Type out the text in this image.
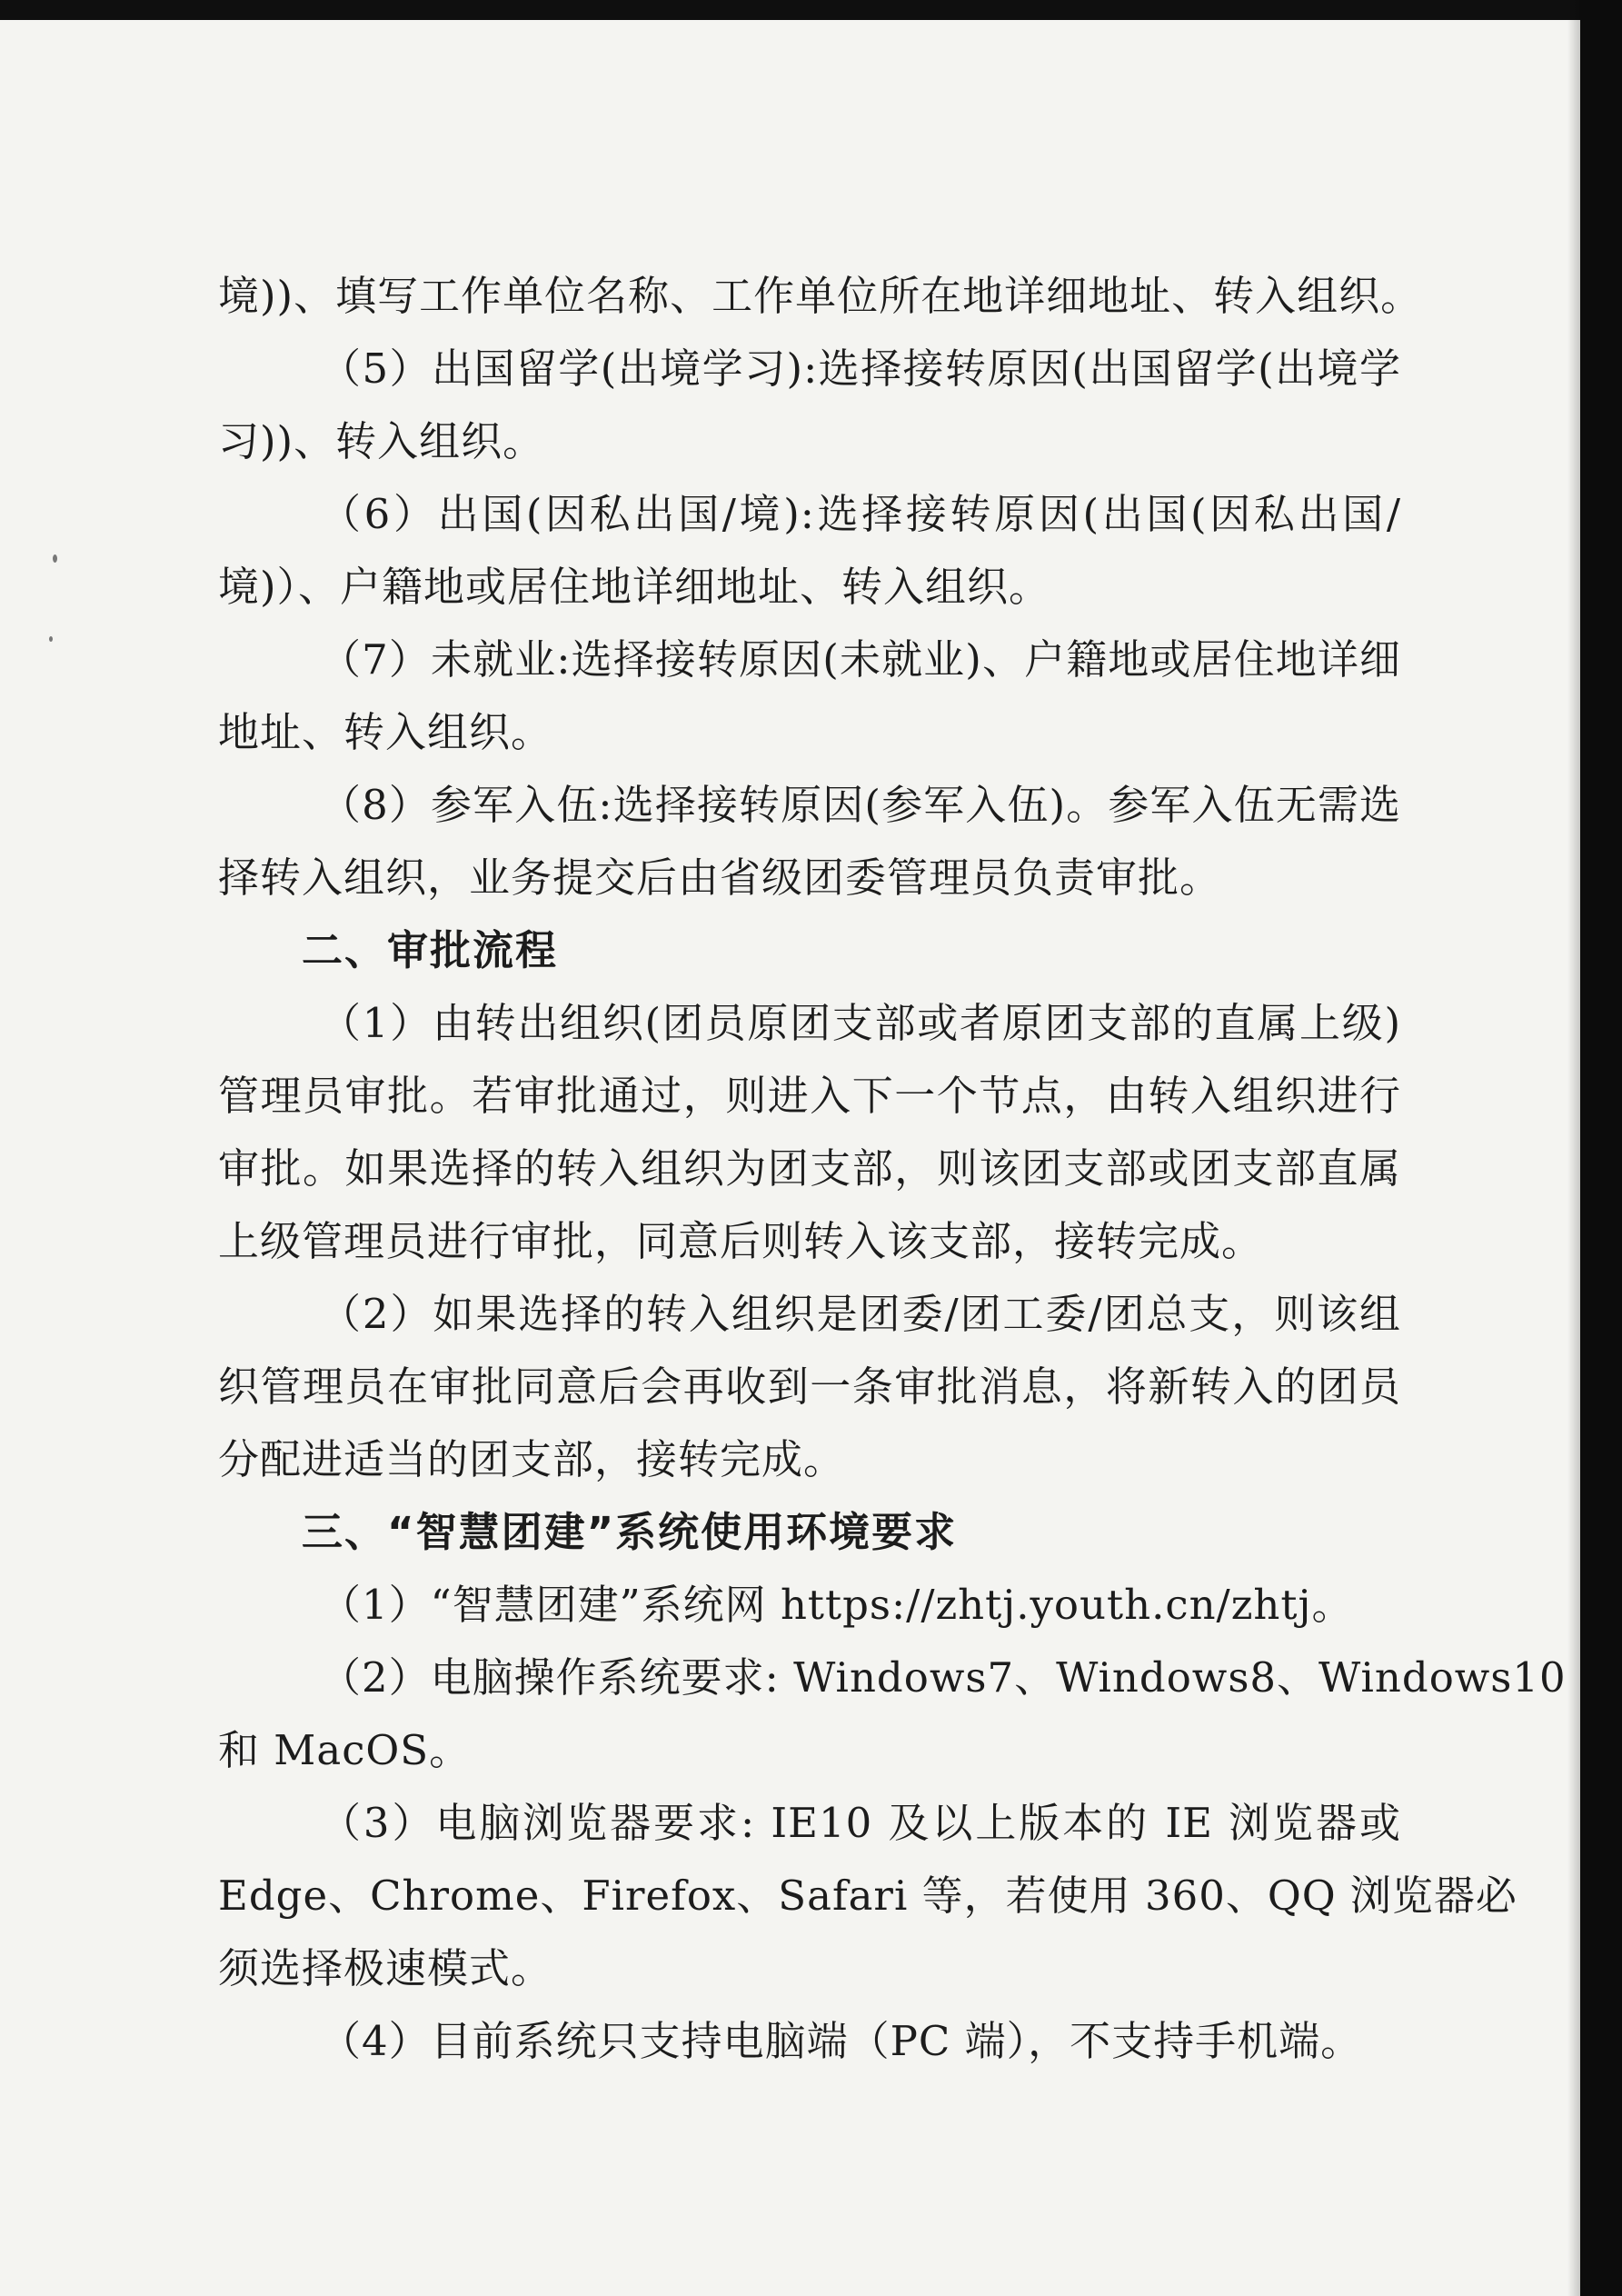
境))、填写工作单位名称、工作单位所在地详细地址、转入组织。
（5）出国留学(出境学习):选择接转原因(出国留学(出境学
习))、转入组织。
（6）出国(因私出国/境):选择接转原因(出国(因私出国/
境)）、户籍地或居住地详细地址、转入组织。
（7）未就业:选择接转原因(未就业)、户籍地或居住地详细
地址、转入组织。
（8）参军入伍:选择接转原因(参军入伍)。参军入伍无需选
择转入组织，业务提交后由省级团委管理员负责审批。
二、审批流程
（1）由转出组织(团员原团支部或者原团支部的直属上级)
管理员审批。若审批通过，则进入下一个节点，由转入组织进行
审批。如果选择的转入组织为团支部，则该团支部或团支部直属
上级管理员进行审批，同意后则转入该支部，接转完成。
（2）如果选择的转入组织是团委/团工委/团总支，则该组
织管理员在审批同意后会再收到一条审批消息，将新转入的团员
分配进适当的团支部，接转完成。
三、“智慧团建”系统使用环境要求
（1）“智慧团建”系统网 https://zhtj.youth.cn/zhtj。
（2）电脑操作系统要求: Windows7、Windows8、Windows10
和 MacOS。
（3）电脑浏览器要求: IE10 及以上版本的 IE 浏览器或
Edge、Chrome、Firefox、Safari 等，若使用 360、QQ 浏览器必
须选择极速模式。
（4）目前系统只支持电脑端（PC 端），不支持手机端。
